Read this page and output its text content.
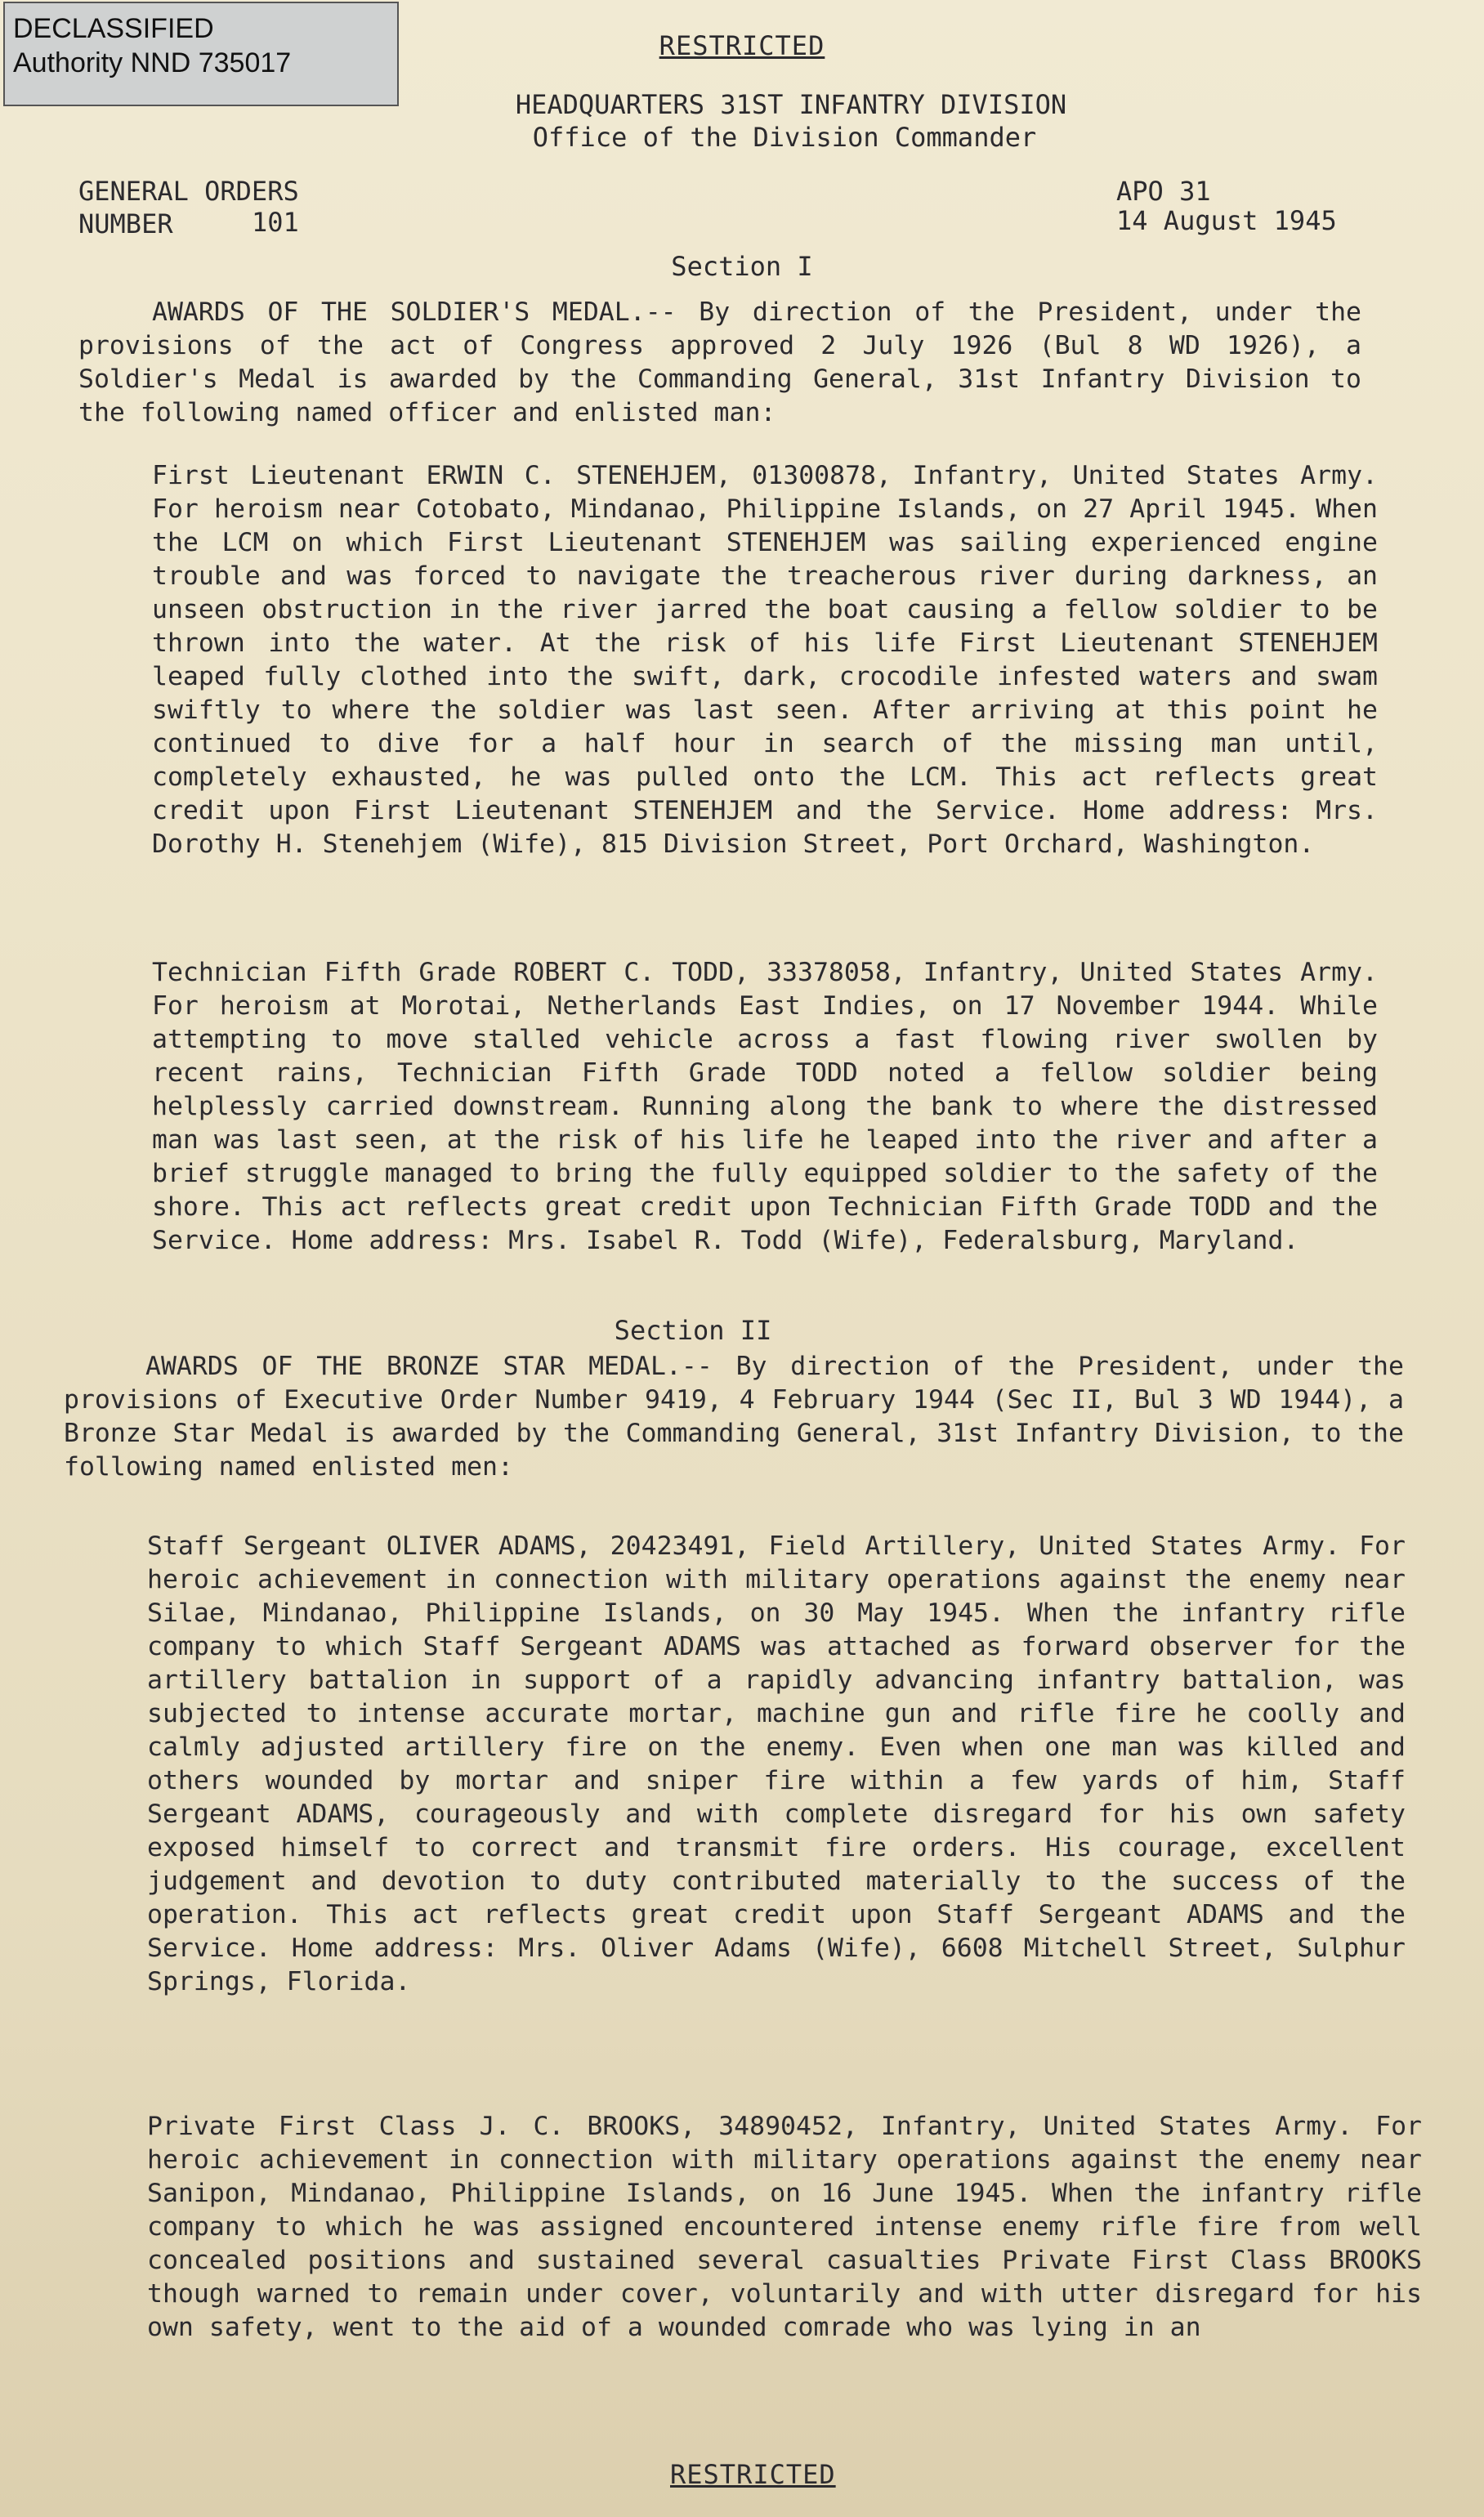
DECLASSIFIED
Authority NND 735017
RESTRICTED
HEADQUARTERS 31ST INFANTRY DIVISION
Office of the Division Commander
GENERAL ORDERS
NUMBER	101
APO 31
14 August 1945
Section I

AWARDS OF THE SOLDIER'S MEDAL.-- By direction of the President, under the provisions of the act of Congress approved 2 July 1926 (Bul 8 WD 1926), a Soldier's Medal is awarded by the Commanding General, 31st Infantry Division to the following named officer and enlisted man:

First Lieutenant ERWIN C. STENEHJEM, 01300878, Infantry, United States Army. For heroism near Cotobato, Mindanao, Philippine Islands, on 27 April 1945. When the LCM on which First Lieutenant STENEHJEM was sailing experienced engine trouble and was forced to navigate the treacherous river during darkness, an unseen obstruction in the river jarred the boat causing a fellow soldier to be thrown into the water. At the risk of his life First Lieutenant STENEHJEM leaped fully clothed into the swift, dark, crocodile infested waters and swam swiftly to where the soldier was last seen. After arriving at this point he continued to dive for a half hour in search of the missing man until, completely exhausted, he was pulled onto the LCM. This act reflects great credit upon First Lieutenant STENEHJEM and the Service. Home address: Mrs. Dorothy H. Stenehjem (Wife), 815 Division Street, Port Orchard, Washington.

Technician Fifth Grade ROBERT C. TODD, 33378058, Infantry, United States Army. For heroism at Morotai, Netherlands East Indies, on 17 November 1944. While attempting to move stalled vehicle across a fast flowing river swollen by recent rains, Technician Fifth Grade TODD noted a fellow soldier being helplessly carried downstream. Running along the bank to where the distressed man was last seen, at the risk of his life he leaped into the river and after a brief struggle managed to bring the fully equipped soldier to the safety of the shore. This act reflects great credit upon Technician Fifth Grade TODD and the Service. Home address: Mrs. Isabel R. Todd (Wife), Federalsburg, Maryland.

Section II

AWARDS OF THE BRONZE STAR MEDAL.-- By direction of the President, under the provisions of Executive Order Number 9419, 4 February 1944 (Sec II, Bul 3 WD 1944), a Bronze Star Medal is awarded by the Commanding General, 31st Infantry Division, to the following named enlisted men:

Staff Sergeant OLIVER ADAMS, 20423491, Field Artillery, United States Army. For heroic achievement in connection with military operations against the enemy near Silae, Mindanao, Philippine Islands, on 30 May 1945. When the infantry rifle company to which Staff Sergeant ADAMS was attached as forward observer for the artillery battalion in support of a rapidly advancing infantry battalion, was subjected to intense accurate mortar, machine gun and rifle fire he coolly and calmly adjusted artillery fire on the enemy. Even when one man was killed and others wounded by mortar and sniper fire within a few yards of him, Staff Sergeant ADAMS, courageously and with complete disregard for his own safety exposed himself to correct and transmit fire orders. His courage, excellent judgement and devotion to duty contributed materially to the success of the operation. This act reflects great credit upon Staff Sergeant ADAMS and the Service. Home address: Mrs. Oliver Adams (Wife), 6608 Mitchell Street, Sulphur Springs, Florida.

Private First Class J. C. BROOKS, 34890452, Infantry, United States Army. For heroic achievement in connection with military operations against the enemy near Sanipon, Mindanao, Philippine Islands, on 16 June 1945. When the infantry rifle company to which he was assigned encountered intense enemy rifle fire from well concealed positions and sustained several casualties Private First Class BROOKS though warned to remain under cover, voluntarily and with utter disregard for his own safety, went to the aid of a wounded comrade who was lying in an

RESTRICTED
